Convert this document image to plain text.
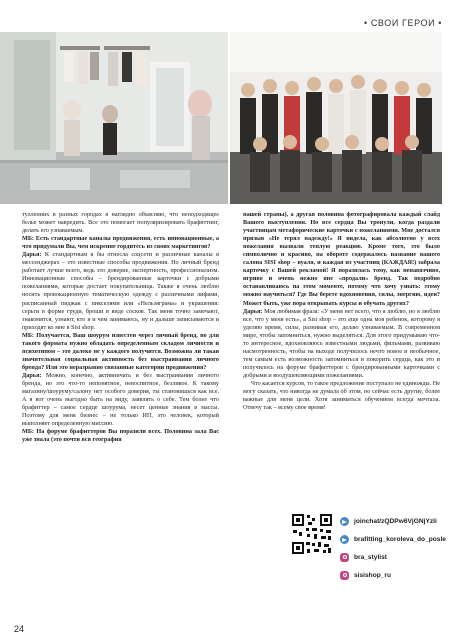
• СВОИ ГЕРОИ •

тулленних в разных городах я наглядно объясняю, что неподходящее белье может навредить. Все это помогает популяризировать брафиттинг, делать его узнаваемым.

МБ: Есть стандартные каналы продвижения, есть инновационные, а что придумали Вы, чем искренне гордитесь из своих маркетингов?

Дарья: К стандартным я бы отнесла соцсети и различные каналы в мессенджерах – это известные способы продвижения. Но личный бренд работает лучше всего, ведь это доверие, экспертность, профессионализм. Инновационные способы – брендированные карточки с добрыми пожеланиями, которые достает покупательница. Также я очень люблю носить провокационную тематическую одежду с различными лифами, расписанный пиджак с пикселями или «Нельзяграма» и украшения: серьги в форме груди, броши в виде сосков. Так меня точно замечают, знакомятся, узнают, кто я и чем занимаюсь, ну и дальше записываются и приходят ко мне в Sisi shop.

МБ: Получается, Ваш шоурум известен через личный бренд, но для такого формата нужно обладать определенным складом личности и психотипом – это далеко не у каждого получится. Возможна ли такая значительная социальная активность без выстраивания личного бренда? Или это неразрывно связанные категории продвижения?

Дарья: Можно, конечно, активничать и без выстраивания личного бренда, но это что-то непонятное, невоспитное, безликое. К такому магазину/шоуруму/салону нет особого доверия, ты становишься как все. А я вот очень выгодно быть на виду, заявлять о себе. Тем более что брафиттер – самое сердце шоурума, несет ценные знания в массы. Поэтому для меня бизнес – не только ИП, это человек, который выполняет определенную миссию.

МБ: На форуме брафиттеров Вы поразили всех. Половина зала Вас уже знала (это почти вся география

нашей страны), а другая половина фотографировала каждый слайд Вашего выступления. Но все сердца Вы тронули, когда раздали участницам метафорические карточки с пожеланиями. Мне достался призыв «Не терял надежду!» Я видела, как абсолютно у всех пожелания вызвали теплую реакцию. Кроме того, это было символично и красиво, на обороте содержалось название вашего салона SISI shop – вуаля, и каждая из участниц (КАЖДАЯ!) забрала карточку с Вашей рекламой! Я поразилась тому, как ненавязчиво, игриво и очень нежно вне «продали» бренд. Так подробно останавливаюсь на этом моменте, потому что хочу узнать: этому можно научиться? Где Вы берете вдохновения, силы, энергию, идеи? Может быть, уже пора открывать курсы и обучать других?

Дарья: Моя любимая фраза: «У меня нет всего, что я люблю, но я люблю все, что у меня есть», а Sisi shop – это еще одна моя ребенок, которому я уделяю время, силы, разнивая его, делаю узнаваемым. В современном мире, чтобы запомниться, нужно выделяться. Для этого придумываю что-то интересное, вдохновляюсь известными людьми, фильмами, развиваю насмотренность, чтобы на выходе получилось нечто новое и необычное, тем самым есть возможность запомниться и покорить сердца, как это и получилось на форуме брафиттеров с брендированными карточками с добрыми и воодушевляющими пожеланиями.

Что касается курсов, то такое предложение поступало не единожды. Не могу сказать, что никогда не думала об этом, но сейчас есть другие, более важные для меня цели. Хотя заниматься обучением всегда мечтала. Отвечу так – всему свое время!

joinchat/zQDPw6VjGNjYzIi
brafitting_koroleva_do_posle
bra_stylist
sisishop_ru
24
